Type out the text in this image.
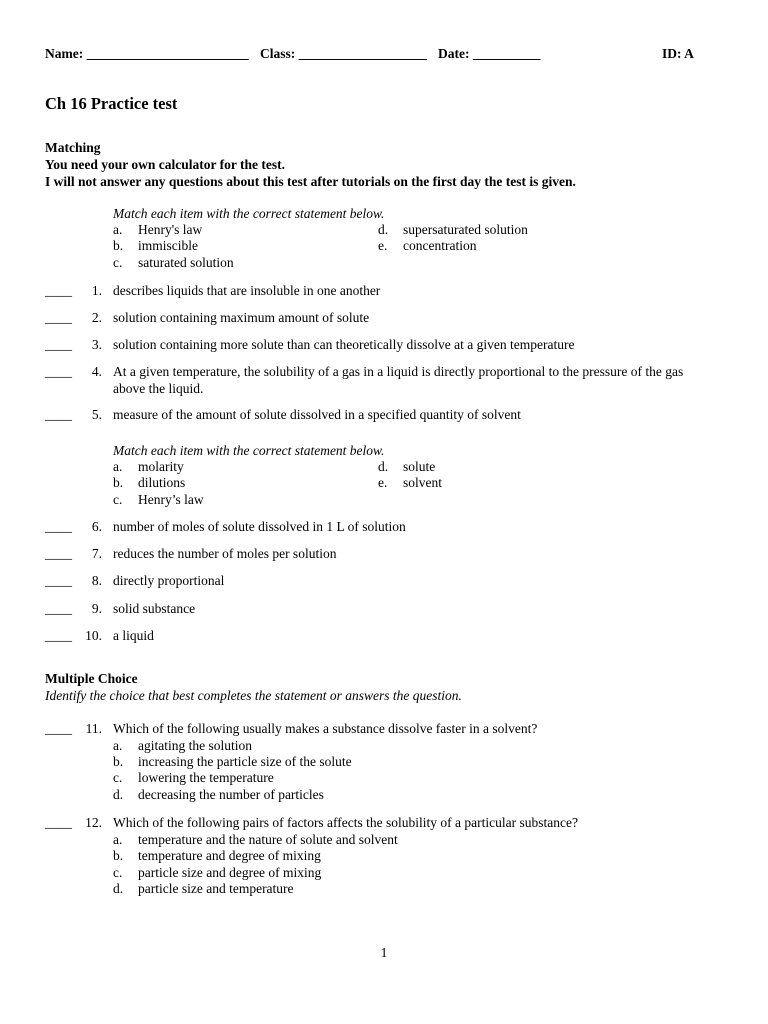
Name: ________________________ Class: ___________________ Date: __________	ID: A
Ch 16 Practice test
Matching
You need your own calculator for the test.
I will not answer any questions about this test after tutorials on the first day the test is given.
Match each item with the correct statement below.
a. Henry's law
b. immiscible
c. saturated solution
d. supersaturated solution
e. concentration
____	1. describes liquids that are insoluble in one another
____	2. solution containing maximum amount of solute
____	3. solution containing more solute than can theoretically dissolve at a given temperature
____	4. At a given temperature, the solubility of a gas in a liquid is directly proportional to the pressure of the gas
above the liquid.
____	5. measure of the amount of solute dissolved in a specified quantity of solvent
Match each item with the correct statement below.
a. molarity
b. dilutions
c. Henry’s law
d. solute
e. solvent
____	6. number of moles of solute dissolved in 1 L of solution
____	7. reduces the number of moles per solution
____	8. directly proportional
____	9. solid substance
____ 10. a liquid
Multiple Choice
Identify the choice that best completes the statement or answers the question.
____	11. Which of the following usually makes a substance dissolve faster in a solvent?
a. agitating the solution
b. increasing the particle size of the solute
c. lowering the temperature
d. decreasing the number of particles
____ 12. Which of the following pairs of factors affects the solubility of a particular substance?
a. temperature and the nature of solute and solvent
b. temperature and degree of mixing
c. particle size and degree of mixing
d. particle size and temperature
1
